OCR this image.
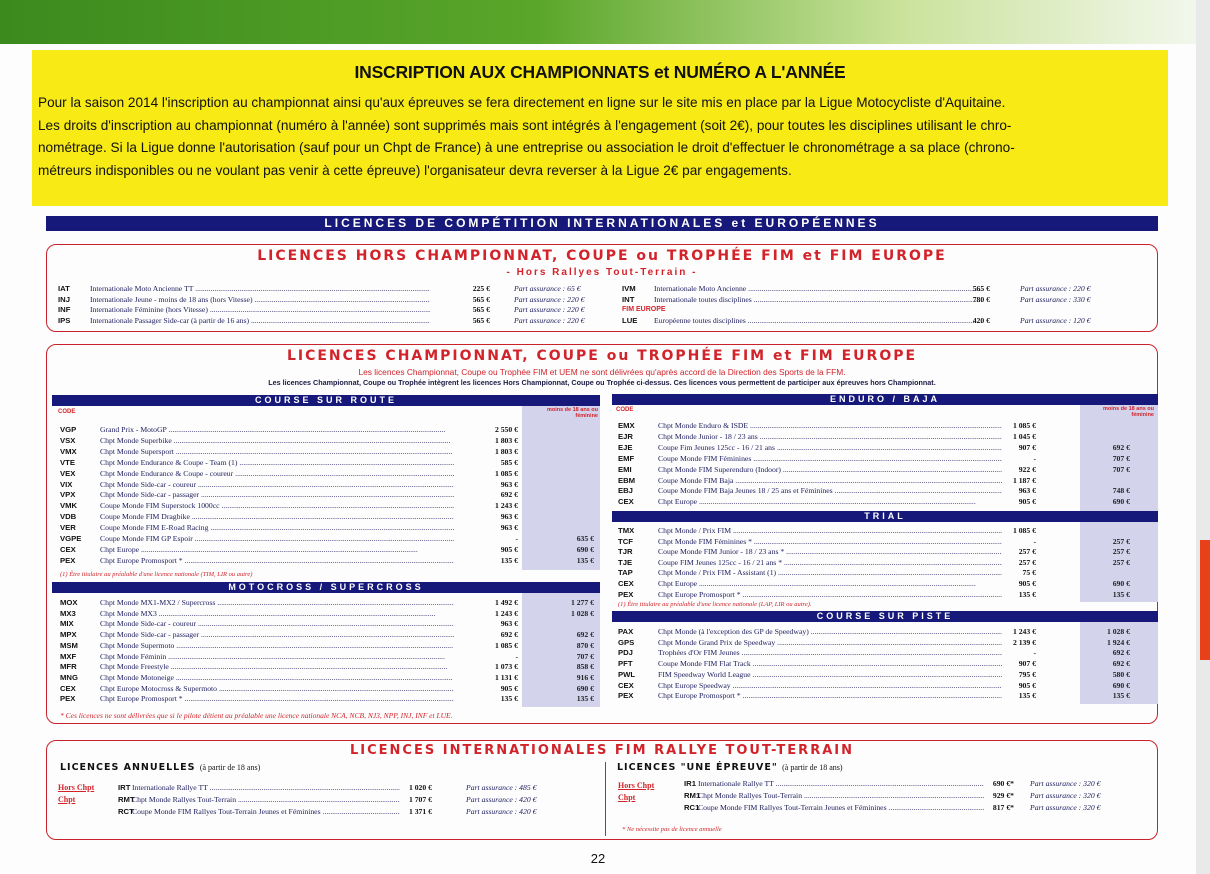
INSCRIPTION AUX CHAMPIONNATS et NUMÉRO A L'ANNÉE
Pour la saison 2014 l'inscription au championnat ainsi qu'aux épreuves se fera directement en ligne sur le site mis en place par la Ligue Motocycliste d'Aquitaine.
Les droits d'inscription au championnat (numéro à l'année) sont supprimés mais sont intégrés à l'engagement (soit 2€), pour toutes les disciplines utilisant le chro-
nométrage. Si la Ligue donne l'autorisation (sauf pour un Chpt de France) à une entreprise ou association le droit d'effectuer le chronométrage a sa place (chrono-
métreurs indisponibles ou ne voulant pas venir à cette épreuve) l'organisateur devra reverser à la Ligue 2€ par engagements.
LICENCES DE COMPÉTITION INTERNATIONALES et EUROPÉENNES
LICENCES HORS CHAMPIONNAT, COUPE ou TROPHÉE FIM et FIM EUROPE
- Hors Rallyes Tout-Terrain -
IAT	Internationale Moto Ancienne TT .....	225 €	Part assurance : 65 €
INJ	Internationale Jeune - moins de 18 ans (hors Vitesse) .....	565 €	Part assurance : 220 €
INF	Internationale Féminine (hors Vitesse) .....	565 €	Part assurance : 220 €
IPS	Internationale Passager Side-car (à partir de 16 ans) .....	565 €	Part assurance : 220 €
IVM Internationale Moto Ancienne .....	565 €	Part assurance : 220 €
INT	Internationale toutes disciplines .....	780 €	Part assurance : 330 €
LUE Européenne toutes disciplines .....	420 €	Part assurance : 120 €
FIM EUROPE
LICENCES CHAMPIONNAT, COUPE ou TROPHÉE FIM et FIM EUROPE
Les licences Championnat, Coupe ou Trophée FIM et UEM ne sont délivrées qu'après accord de la Direction des Sports de la FFM.
Les licences Championnat, Coupe ou Trophée intègrent les licences Hors Championnat, Coupe ou Trophée ci-dessus. Ces licences vous permettent de participer aux épreuves hors Championnat.
COURSE SUR ROUTE	ENDURO / BAJA
MOTOCROSS / SUPERCROSS
TRIAL
COURSE SUR PISTE
CODE	CODE
moins de 18 ans ou féminine
moins de 18 ans ou féminine
VGP	Grand Prix - MotoGP .....	2 550 €
VSX	Chpt Monde Superbike .....	1 803 €
VMX	Chpt Monde Supersport .....	1 803 €
VTE	Chpt Monde Endurance & Coupe - Team (1) .....	585 €
VEX	Chpt Monde Endurance & Coupe - coureur .....	1 085 €
VIX	Chpt Monde Side-car - coureur .....	963 €
VPX	Chpt Monde Side-car - passager .....	692 €
VMK	Coupe Monde FIM Superstock 1000cc .....	1 243 €
VDB	Coupe Monde FIM Dragbike .....	963 €
VER	Coupe Monde FIM E-Road Racing .....	963 €
VGPE Coupe Monde FIM GP Espoir .....	-	635 €
CEX	Chpt Europe .....	905 €	690 €
PEX	Chpt Europe Promosport * .....	135 €	135 €
MOX	Chpt Monde MX1-MX2 / Supercross .....	1 492 €	1 277 €
MX3	Chpt Monde MX3 .....	1 243 €	1 028 €
MIX	Chpt Monde Side-car - coureur .....	963 €
MPX	Chpt Monde Side-car - passager .....	692 €	692 €
MSM	Chpt Monde Supermoto .....	1 085 €	870 €
MXF	Chpt Monde Féminin .....	-	707 €
MFR	Chpt Monde Freestyle .....	1 073 €	858 €
MNG	Chpt Monde Motoneige .....	1 131 €	916 €
CEX	Chpt Europe Motocross & Supermoto .....	905 €	690 €
PEX	Chpt Europe Promosport * .....	135 €	135 €
EMX	Chpt Monde Enduro & ISDE .....	1 085 €
EJR	Chpt Monde Junior - 18 / 23 ans .....	1 045 €
EJE	Coupe Fim Jeunes 125cc - 16 / 21 ans .....	907 €	692 €
EMF	Coupe Monde FIM Féminines .....	-	707 €
EMI	Chpt Monde FIM Superenduro (Indoor) .....	922 €	707 €
EBM	Coupe Monde FIM Baja .....	1 187 €
EBJ	Coupe Monde FIM Baja Jeunes 18 / 25 ans et Féminines .....	963 €	748 €
CEX	Chpt Europe .....	905 €	690 €
TMX	Chpt Monde / Prix FIM .....	1 085 €
TCF	Chpt Monde FIM Féminines * .....	-	257 €
TJR	Coupe Monde FIM Junior - 18 / 23 ans * .....	257 €	257 €
TJE	Coupe FIM Jeunes 125cc - 16 / 21 ans * .....	257 €	257 €
TAP	Chpt Monde / Prix FIM - Assistant (1) .....	75 €
CEX	Chpt Europe .....	905 €	690 €
PEX	Chpt Europe Promosport * .....	135 €	135 €
PAX	Chpt Monde (à l'exception des GP de Speedway) .....	1 243 €	1 028 €
GPS	Chpt Monde Grand Prix de Speedway .....	2 139 €	1 924 €
PDJ	Trophées d'Or FIM Jeunes .....	-	692 €
PFT	Coupe Monde FIM Flat Track .....	907 €	692 €
PWL	FIM Speedway World League .....	795 €	580 €
CEX	Chpt Europe Speedway .....	905 €	690 €
PEX	Chpt Europe Promosport * .....	135 €	135 €
(1) Être titulaire au préalable d'une licence nationale (TIM, LIR ou autre)
(1) Être titulaire au préalable d'une licence nationale (LAP, LIR ou autre).
* Ces licences ne sont délivrées que si le pilote détient au préalable une licence nationale NCA, NCB, NJ3, NPP, INJ, INF et LUE.
LICENCES INTERNATIONALES FIM RALLYE TOUT-TERRAIN
LICENCES ANNUELLES (à partir de 18 ans)	LICENCES "UNE ÉPREUVE" (à partir de 18 ans)
Hors Chpt
Chpt
Hors Chpt
Chpt
IRT Internationale Rallye TT .....	1 020 €	Part assurance : 485 €
RMT
Chpt Monde Rallyes Tout-Terrain .....	1 707 €	Part assurance : 420 €
RCT
Coupe Monde FIM Rallyes Tout-Terrain Jeunes et Féminines .....	1 371 €	Part assurance : 420 €
IR1 Internationale Rallye TT .....	690 €* Part assurance : 320 €
RM1
Chpt Monde Rallyes Tout-Terrain .....	929 €* Part assurance : 320 €
RC1
Coupe Monde FIM Rallyes Tout-Terrain Jeunes et Féminines .....	817 €* Part assurance : 320 €
* Ne nécessite pas de licence annuelle
22
